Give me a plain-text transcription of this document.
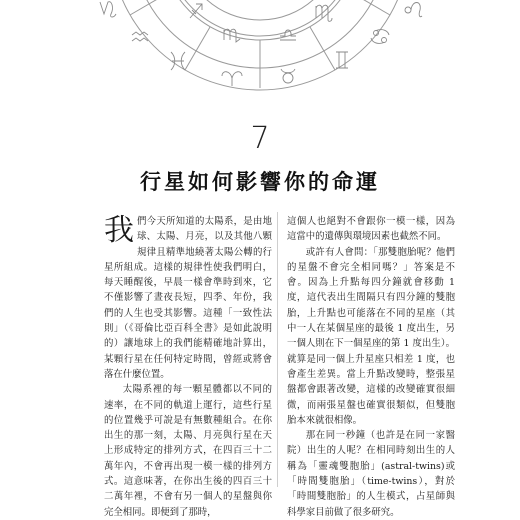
7
行星如何影響你的命運

我們今天所知道的太陽系，是由地球、太陽、月亮，以及其他八顆規律且精準地繞著太陽公轉的行星所組成。這樣的規律性使我們明白，每天睡醒後，早晨一樣會準時到來，它不僅影響了晝夜長短，四季、年份，我們的人生也受其影響。這種「一致性法則」（《哥倫比亞百科全書》是如此說明的）讓地球上的我們能精確地計算出，某顆行星在任何特定時間，曾經或將會落在什麼位置。

太陽系裡的每一顆星體都以不同的速率，在不同的軌道上運行，這些行星的位置幾乎可說是有無數種組合。在你出生的那一刻，太陽、月亮與行星在天上形成特定的排列方式，在四百三十二萬年內，不會再出現一模一樣的排列方式。這意味著，在你出生後的四百三十二萬年裡，不會有另一個人的星盤與你完全相同。即便到了那時，

這個人也絕對不會跟你一模一樣，因為這當中的遺傳與環境因素也截然不同。

或許有人會問：「那雙胞胎呢？他們的星盤不會完全相同嗎？」答案是不會。因為上升點每四分鐘就會移動 1 度，這代表出生間隔只有四分鐘的雙胞胎，上升點也可能落在不同的星座（其中一人在某個星座的最後 1 度出生，另一個人則在下一個星座的第 1 度出生）。就算是同一個上升星座只相差 1 度，也會產生差異。當上升點改變時，整張星盤都會跟著改變，這樣的改變確實很細微，而兩張星盤也確實很類似，但雙胞胎本來就很相像。

那在同一秒鐘（也許是在同一家醫院）出生的人呢？在相同時刻出生的人稱為「靈魂雙胞胎」(astral-twins)或「時間雙胞胎」（time-twins），對於「時間雙胞胎」的人生模式，占星師與科學家目前做了很多研究。
